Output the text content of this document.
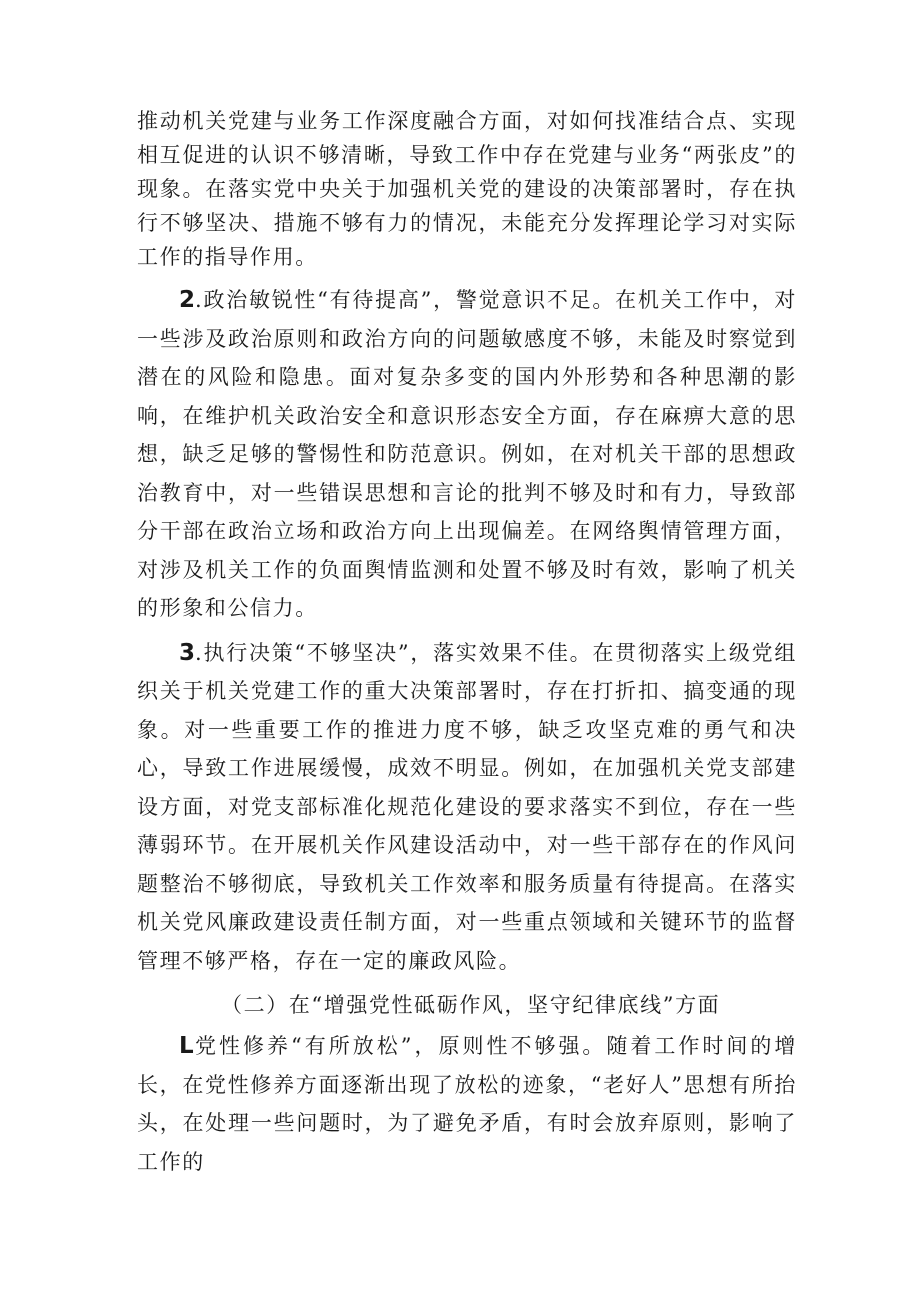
推动机关党建与业务工作深度融合方面，对如何找准结合点、实现相互促进的认识不够清晰，导致工作中存在党建与业务“两张皮”的现象。在落实党中央关于加强机关党的建设的决策部署时，存在执行不够坚决、措施不够有力的情况，未能充分发挥理论学习对实际工作的指导作用。

2.政治敏锐性“有待提高”，警觉意识不足。在机关工作中，对一些涉及政治原则和政治方向的问题敏感度不够，未能及时察觉到潜在的风险和隐患。面对复杂多变的国内外形势和各种思潮的影响，在维护机关政治安全和意识形态安全方面，存在麻痹大意的思想，缺乏足够的警惕性和防范意识。例如，在对机关干部的思想政治教育中，对一些错误思想和言论的批判不够及时和有力，导致部分干部在政治立场和政治方向上出现偏差。在网络舆情管理方面，对涉及机关工作的负面舆情监测和处置不够及时有效，影响了机关的形象和公信力。

3.执行决策“不够坚决”，落实效果不佳。在贯彻落实上级党组织关于机关党建工作的重大决策部署时，存在打折扣、搞变通的现象。对一些重要工作的推进力度不够，缺乏攻坚克难的勇气和决心，导致工作进展缓慢，成效不明显。例如，在加强机关党支部建设方面，对党支部标准化规范化建设的要求落实不到位，存在一些薄弱环节。在开展机关作风建设活动中，对一些干部存在的作风问题整治不够彻底，导致机关工作效率和服务质量有待提高。在落实机关党风廉政建设责任制方面，对一些重点领域和关键环节的监督管理不够严格，存在一定的廉政风险。

（二）在“增强党性砥砺作风，坚守纪律底线”方面

L党性修养“有所放松”，原则性不够强。随着工作时间的增长，在党性修养方面逐渐出现了放松的迹象，“老好人”思想有所抬头，在处理一些问题时，为了避免矛盾，有时会放弃原则，影响了工作的
